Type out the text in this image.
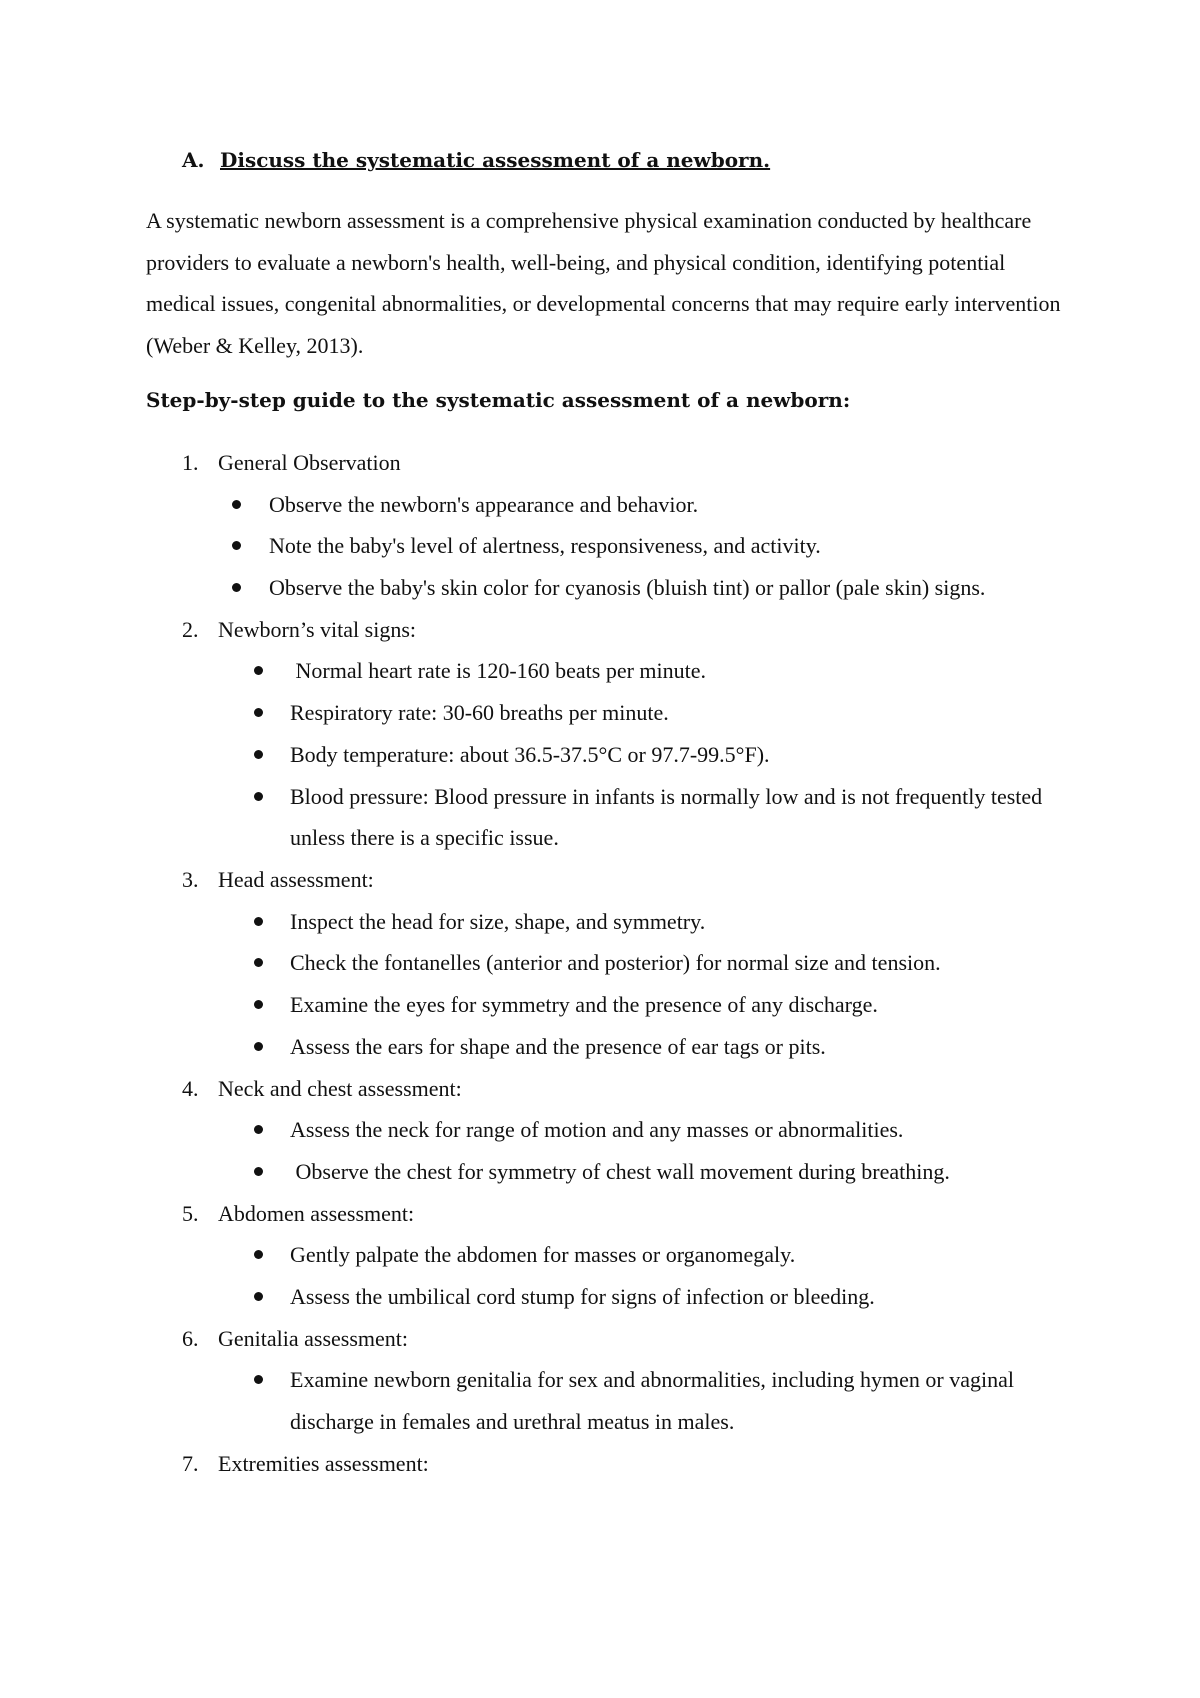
A. Discuss the systematic assessment of a newborn.

A systematic newborn assessment is a comprehensive physical examination conducted by healthcare providers to evaluate a newborn's health, well-being, and physical condition, identifying potential medical issues, congenital abnormalities, or developmental concerns that may require early intervention (Weber & Kelley, 2013).

Step-by-step guide to the systematic assessment of a newborn:
1. General Observation
Observe the newborn's appearance and behavior.
Note the baby's level of alertness, responsiveness, and activity.
Observe the baby's skin color for cyanosis (bluish tint) or pallor (pale skin) signs.
2. Newborn’s vital signs:
Normal heart rate is 120-160 beats per minute.
Respiratory rate: 30-60 breaths per minute.
Body temperature: about 36.5-37.5°C or 97.7-99.5°F).
Blood pressure: Blood pressure in infants is normally low and is not frequently tested unless there is a specific issue.
3. Head assessment:
Inspect the head for size, shape, and symmetry.
Check the fontanelles (anterior and posterior) for normal size and tension.
Examine the eyes for symmetry and the presence of any discharge.
Assess the ears for shape and the presence of ear tags or pits.
4. Neck and chest assessment:
Assess the neck for range of motion and any masses or abnormalities.
Observe the chest for symmetry of chest wall movement during breathing.
5. Abdomen assessment:
Gently palpate the abdomen for masses or organomegaly.
Assess the umbilical cord stump for signs of infection or bleeding.
6. Genitalia assessment:
Examine newborn genitalia for sex and abnormalities, including hymen or vaginal discharge in females and urethral meatus in males.
7. Extremities assessment:
